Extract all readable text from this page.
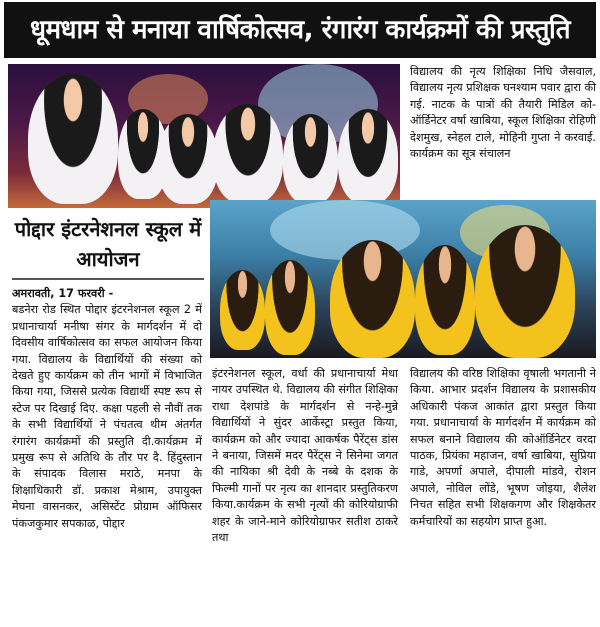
धूमधाम से मनाया वार्षिकोत्सव, रंगारंग कार्यक्रमों की प्रस्तुति
पोद्दार इंटरनेशनल स्कूल में आयोजन

अमरावती, 17 फरवरी -

बडनेरा रोड स्थित पोद्दार इंटरनेशनल स्कूल 2 में प्रधानाचार्या मनीषा संगर के मार्गदर्शन में दो दिवसीय वार्षिकोत्सव का सफल आयोजन किया गया. विद्यालय के विद्यार्थियों की संख्या को देखते हुए कार्यक्रम को तीन भागों में विभाजित किया गया, जिससे प्रत्येक विद्यार्थी स्पष्ट रूप से स्टेज पर दिखाई दिए. कक्षा पहली से नौवीं तक के सभी विद्यार्थियों ने पंचतत्व थीम अंतर्गत रंगारंग कार्यक्रमों की प्रस्तुति दी.कार्यक्रम में प्रमुख रूप से अतिथि के तौर पर दै. हिंदुस्तान के संपादक विलास मराठे, मनपा के शिक्षाधिकारी डॉ. प्रकाश मेश्राम, उपायुक्त मेघना वासनकर, असिस्टेंट प्रोग्राम ऑफिसर पंकजकुमार सपकाळ, पोद्दार

इंटरनेशनल स्कूल, वर्धा की प्रधानाचार्या मेधा नायर उपस्थित थे. विद्यालय की संगीत शिक्षिका राधा देशपांडे के मार्गदर्शन से नन्हे-मुन्ने विद्यार्थियों ने सुंदर आर्केस्ट्रा प्रस्तुत किया, कार्यक्रम को और ज्यादा आकर्षक पैरेंट्स डांस ने बनाया, जिसमें मदर पैरेंट्स ने सिनेमा जगत की नायिका श्री देवी के नब्बे के दशक के फिल्मी गानों पर नृत्य का शानदार प्रस्तुतिकरण किया.कार्यक्रम के सभी नृत्यों की कोरियोग्राफी शहर के जाने-माने कोरियोग्राफर सतीश ठाकरे तथा

विद्यालय की नृत्य शिक्षिका निधि जैसवाल, विद्यालय नृत्य प्रशिक्षक घनश्याम पवार द्वारा की गई. नाटक के पात्रों की तैयारी मिडिल को-ऑर्डिनेटर वर्षा खाबिया, स्कूल शिक्षिका रोहिणी देशमुख, स्नेहल टाले, मोहिनी गुप्ता ने करवाई. कार्यक्रम का सूत्र संचालन

विद्यालय की वरिष्ठ शिक्षिका वृषाली भगतानी ने किया. आभार प्रदर्शन विद्यालय के प्रशासकीय अधिकारी पंकज आकांत द्वारा प्रस्तुत किया गया. प्रधानाचार्या के मार्गदर्शन में कार्यक्रम को सफल बनाने विद्यालय की कोऑर्डिनेटर वरदा पाठक, प्रियंका महाजन, वर्षा खाबिया, सुप्रिया गाडे, अपर्णा अपाले, दीपाली मांडवे, रोशन अपाले, नोविल लोंडे, भूषण जोइया, शैलेश निचत सहित सभी शिक्षकगण और शिक्षकेतर कर्मचारियों का सहयोग प्राप्त हुआ.
